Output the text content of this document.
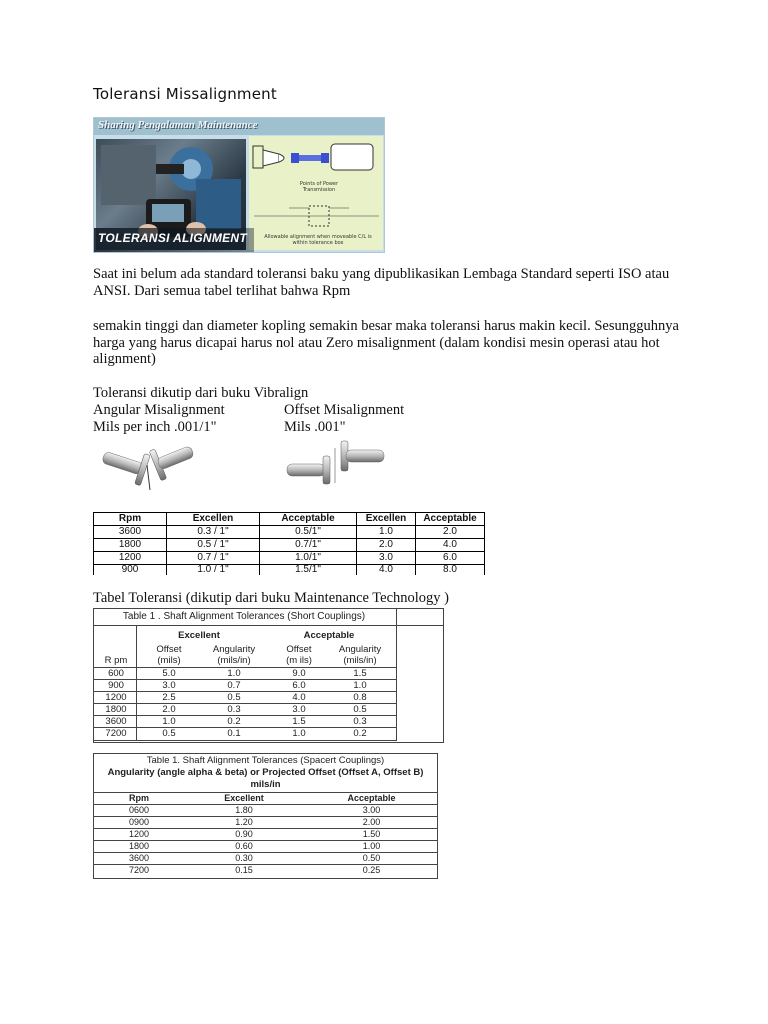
Toleransi Missalignment
Sharing Pengalaman Maintenance
Points of Power Transmission
Allowable alignment when moveable C/L is within tolerance box
TOLERANSI ALIGNMENT
Saat ini belum ada standard toleransi baku yang dipublikasikan Lembaga Standard seperti ISO atau ANSI. Dari semua tabel terlihat bahwa Rpm
semakin tinggi dan diameter kopling semakin besar maka toleransi harus makin kecil. Sesungguhnya harga yang harus dicapai harus nol atau Zero misalignment (dalam kondisi mesin operasi atau hot alignment)
Toleransi dikutip dari buku Vibralign
Angular Misalignment	Offset Misalignment
Mils per inch .001/1"	Mils .001"
Rpm	Excellen	Acceptable	Excellen	Acceptable
3600	0.3 / 1"	0.5/1"	1.0	2.0
1800	0.5 / 1"	0.7/1"	2.0	4.0
1200	0.7 / 1"	1.0/1"	3.0	6.0
900	1.0 / 1"	1.5/1"	4.0	8.0
Tabel Toleransi (dikutip dari buku Maintenance Technology )
Table 1 . Shaft Alignment Tolerances (Short Couplings)
Excellent	Acceptable
Offset	Angularity	Offset	Angularity
R pm	(mils)	(mils/in)	(m ils)	(mils/in)
600	5.0	1.0	9.0	1.5
900	3.0	0.7	6.0	1.0
1200	2.5	0.5	4.0	0.8
1800	2.0	0.3	3.0	0.5
3600	1.0	0.2	1.5	0.3
7200	0.5	0.1	1.0	0.2
Table 1. Shaft Alignment Tolerances (Spacert Couplings)
Angularity (angle alpha & beta) or Projected Offset (Offset A, Offset B)
mils/in
Rpm	Excellent	Acceptable
0600	1.80	3.00
0900	1.20	2.00
1200	0.90	1.50
1800	0.60	1.00
3600	0.30	0.50
7200	0.15	0.25
